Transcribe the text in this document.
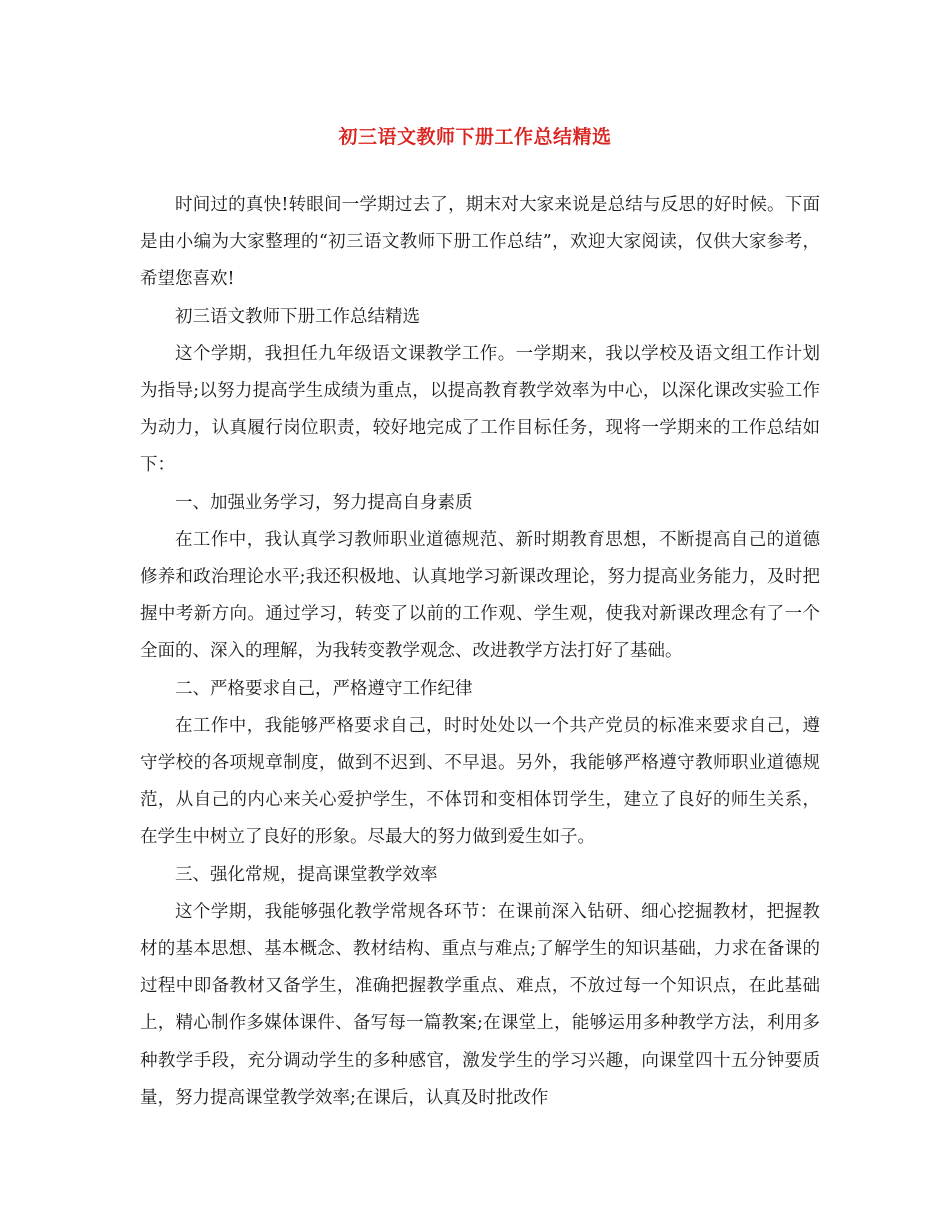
初三语文教师下册工作总结精选

时间过的真快!转眼间一学期过去了，期末对大家来说是总结与反思的好时候。下面是由小编为大家整理的“初三语文教师下册工作总结”，欢迎大家阅读，仅供大家参考，希望您喜欢!

初三语文教师下册工作总结精选

这个学期，我担任九年级语文课教学工作。一学期来，我以学校及语文组工作计划为指导;以努力提高学生成绩为重点，以提高教育教学效率为中心，以深化课改实验工作为动力，认真履行岗位职责，较好地完成了工作目标任务，现将一学期来的工作总结如下：

一、加强业务学习，努力提高自身素质

在工作中，我认真学习教师职业道德规范、新时期教育思想，不断提高自己的道德修养和政治理论水平;我还积极地、认真地学习新课改理论，努力提高业务能力，及时把握中考新方向。通过学习，转变了以前的工作观、学生观，使我对新课改理念有了一个全面的、深入的理解，为我转变教学观念、改进教学方法打好了基础。

二、严格要求自己，严格遵守工作纪律

在工作中，我能够严格要求自己，时时处处以一个共产党员的标准来要求自己，遵守学校的各项规章制度，做到不迟到、不早退。另外，我能够严格遵守教师职业道德规范，从自己的内心来关心爱护学生，不体罚和变相体罚学生，建立了良好的师生关系，在学生中树立了良好的形象。尽最大的努力做到爱生如子。

三、强化常规，提高课堂教学效率

这个学期，我能够强化教学常规各环节：在课前深入钻研、细心挖掘教材，把握教材的基本思想、基本概念、教材结构、重点与难点;了解学生的知识基础，力求在备课的过程中即备教材又备学生，准确把握教学重点、难点，不放过每一个知识点，在此基础上，精心制作多媒体课件、备写每一篇教案;在课堂上，能够运用多种教学方法，利用多种教学手段，充分调动学生的多种感官，激发学生的学习兴趣，向课堂四十五分钟要质量，努力提高课堂教学效率;在课后，认真及时批改作
